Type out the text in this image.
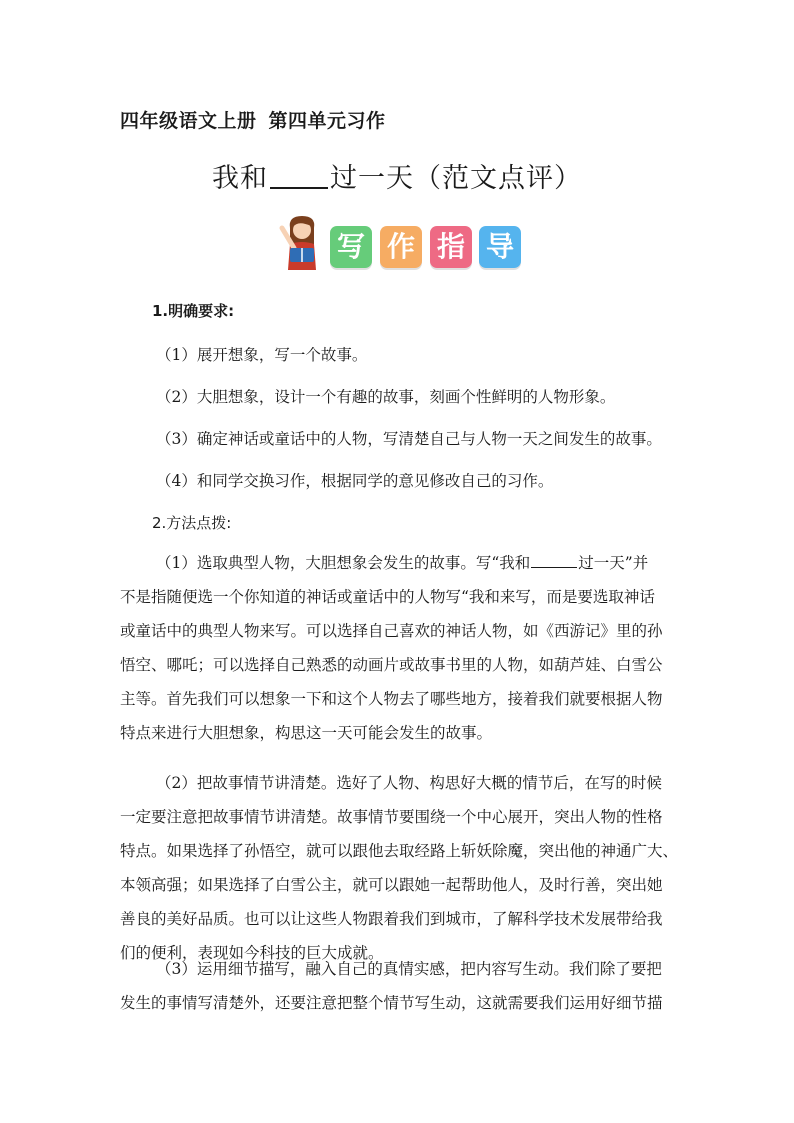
四年级语文上册 第四单元习作
我和 过一天（范文点评）
写 作 指 导
1.明确要求:
（1）展开想象，写一个故事。
（2）大胆想象，设计一个有趣的故事，刻画个性鲜明的人物形象。
（3）确定神话或童话中的人物，写清楚自己与人物一天之间发生的故事。
（4）和同学交换习作，根据同学的意见修改自己的习作。
2.方法点拨:
（1）选取典型人物，大胆想象会发生的故事。写“我和	过一天”并
不是指随便选一个你知道的神话或童话中的人物写“我和来写，而是要选取神话
或童话中的典型人物来写。可以选择自己喜欢的神话人物，如《西游记》里的孙
悟空、哪吒；可以选择自己熟悉的动画片或故事书里的人物，如葫芦娃、白雪公
主等。首先我们可以想象一下和这个人物去了哪些地方，接着我们就要根据人物
特点来进行大胆想象，构思这一天可能会发生的故事。
（2）把故事情节讲清楚。选好了人物、构思好大概的情节后，在写的时候
一定要注意把故事情节讲清楚。故事情节要围绕一个中心展开，突出人物的性格
特点。如果选择了孙悟空，就可以跟他去取经路上斩妖除魔，突出他的神通广大、
本领高强；如果选择了白雪公主，就可以跟她一起帮助他人，及时行善，突出她
善良的美好品质。也可以让这些人物跟着我们到城市，了解科学技术发展带给我
们的便利，表现如今科技的巨大成就。
（3）运用细节描写，融入自己的真情实感，把内容写生动。我们除了要把
发生的事情写清楚外，还要注意把整个情节写生动，这就需要我们运用好细节描
